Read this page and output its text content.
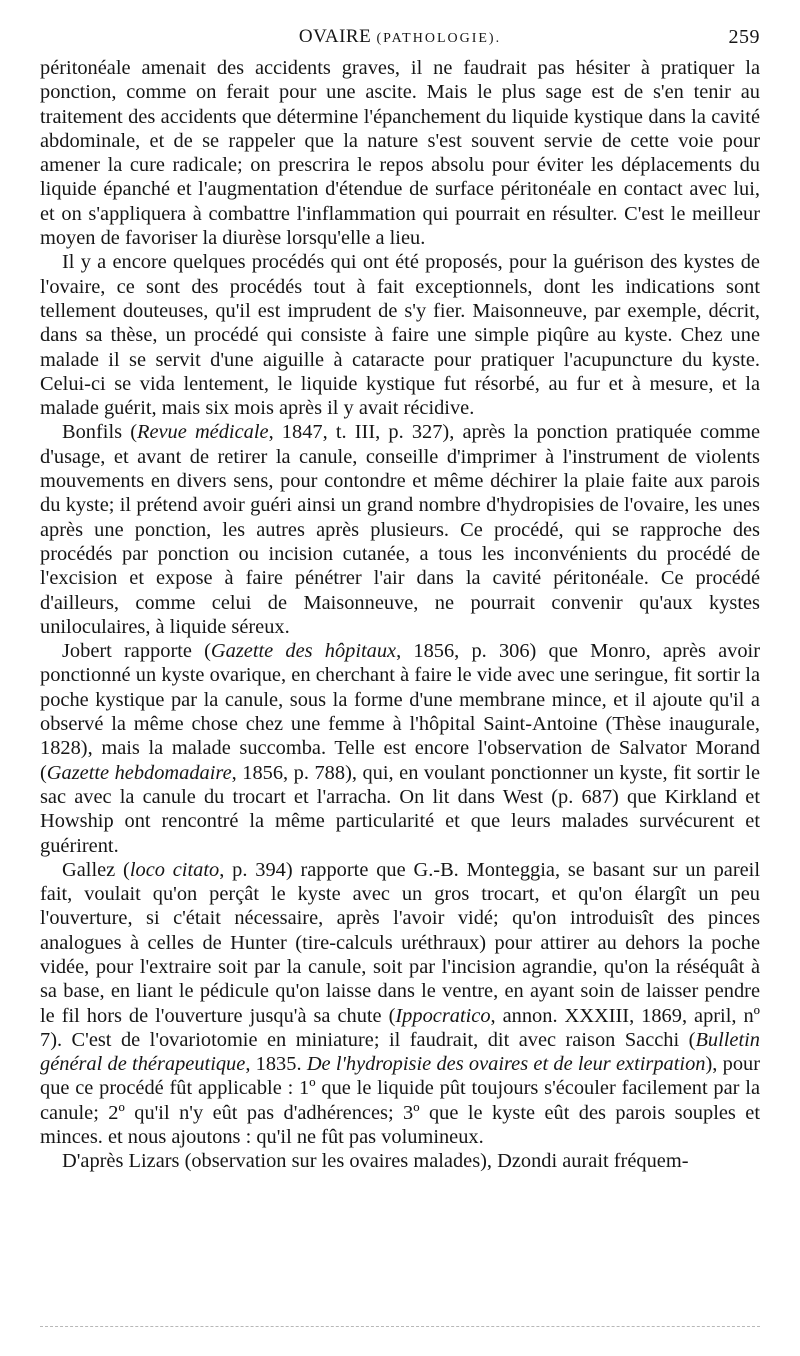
OVAIRE (PATHOLOGIE).	259

péritonéale amenait des accidents graves, il ne faudrait pas hésiter à pratiquer la ponction, comme on ferait pour une ascite. Mais le plus sage est de s'en tenir au traitement des accidents que détermine l'épanchement du liquide kystique dans la cavité abdominale, et de se rappeler que la nature s'est souvent servie de cette voie pour amener la cure radicale; on prescrira le repos absolu pour éviter les déplacements du liquide épanché et l'augmentation d'étendue de surface péritonéale en contact avec lui, et on s'appliquera à combattre l'inflammation qui pourrait en résulter. C'est le meilleur moyen de favoriser la diurèse lorsqu'elle a lieu.

Il y a encore quelques procédés qui ont été proposés, pour la guérison des kystes de l'ovaire, ce sont des procédés tout à fait exceptionnels, dont les indications sont tellement douteuses, qu'il est imprudent de s'y fier. Maisonneuve, par exemple, décrit, dans sa thèse, un procédé qui consiste à faire une simple piqûre au kyste. Chez une malade il se servit d'une aiguille à cataracte pour pratiquer l'acupuncture du kyste. Celui-ci se vida lentement, le liquide kystique fut résorbé, au fur et à mesure, et la malade guérit, mais six mois après il y avait récidive.

Bonfils (Revue médicale, 1847, t. III, p. 327), après la ponction pratiquée comme d'usage, et avant de retirer la canule, conseille d'imprimer à l'instrument de violents mouvements en divers sens, pour contondre et même déchirer la plaie faite aux parois du kyste; il prétend avoir guéri ainsi un grand nombre d'hydropisies de l'ovaire, les unes après une ponction, les autres après plusieurs. Ce procédé, qui se rapproche des procédés par ponction ou incision cutanée, a tous les inconvénients du procédé de l'excision et expose à faire pénétrer l'air dans la cavité péritonéale. Ce procédé d'ailleurs, comme celui de Maisonneuve, ne pourrait convenir qu'aux kystes uniloculaires, à liquide séreux.

Jobert rapporte (Gazette des hôpitaux, 1856, p. 306) que Monro, après avoir ponctionné un kyste ovarique, en cherchant à faire le vide avec une seringue, fit sortir la poche kystique par la canule, sous la forme d'une membrane mince, et il ajoute qu'il a observé la même chose chez une femme à l'hôpital Saint-Antoine (Thèse inaugurale, 1828), mais la malade succomba. Telle est encore l'observation de Salvator Morand (Gazette hebdomadaire, 1856, p. 788), qui, en voulant ponctionner un kyste, fit sortir le sac avec la canule du trocart et l'arracha. On lit dans West (p. 687) que Kirkland et Howship ont rencontré la même particularité et que leurs malades survécurent et guérirent.

Gallez (loco citato, p. 394) rapporte que G.-B. Monteggia, se basant sur un pareil fait, voulait qu'on perçât le kyste avec un gros trocart, et qu'on élargît un peu l'ouverture, si c'était nécessaire, après l'avoir vidé; qu'on introduisît des pinces analogues à celles de Hunter (tire-calculs uréthraux) pour attirer au dehors la poche vidée, pour l'extraire soit par la canule, soit par l'incision agrandie, qu'on la réséquât à sa base, en liant le pédicule qu'on laisse dans le ventre, en ayant soin de laisser pendre le fil hors de l'ouverture jusqu'à sa chute (Ippocratico, annon. XXXIII, 1869, april, nº 7). C'est de l'ovariotomie en miniature; il faudrait, dit avec raison Sacchi (Bulletin général de thérapeutique, 1835. De l'hydropisie des ovaires et de leur extirpation), pour que ce procédé fût applicable : 1º que le liquide pût toujours s'écouler facilement par la canule; 2º qu'il n'y eût pas d'adhérences; 3º que le kyste eût des parois souples et minces. et nous ajoutons : qu'il ne fût pas volumineux.

D'après Lizars (observation sur les ovaires malades), Dzondi aurait fréquem-
